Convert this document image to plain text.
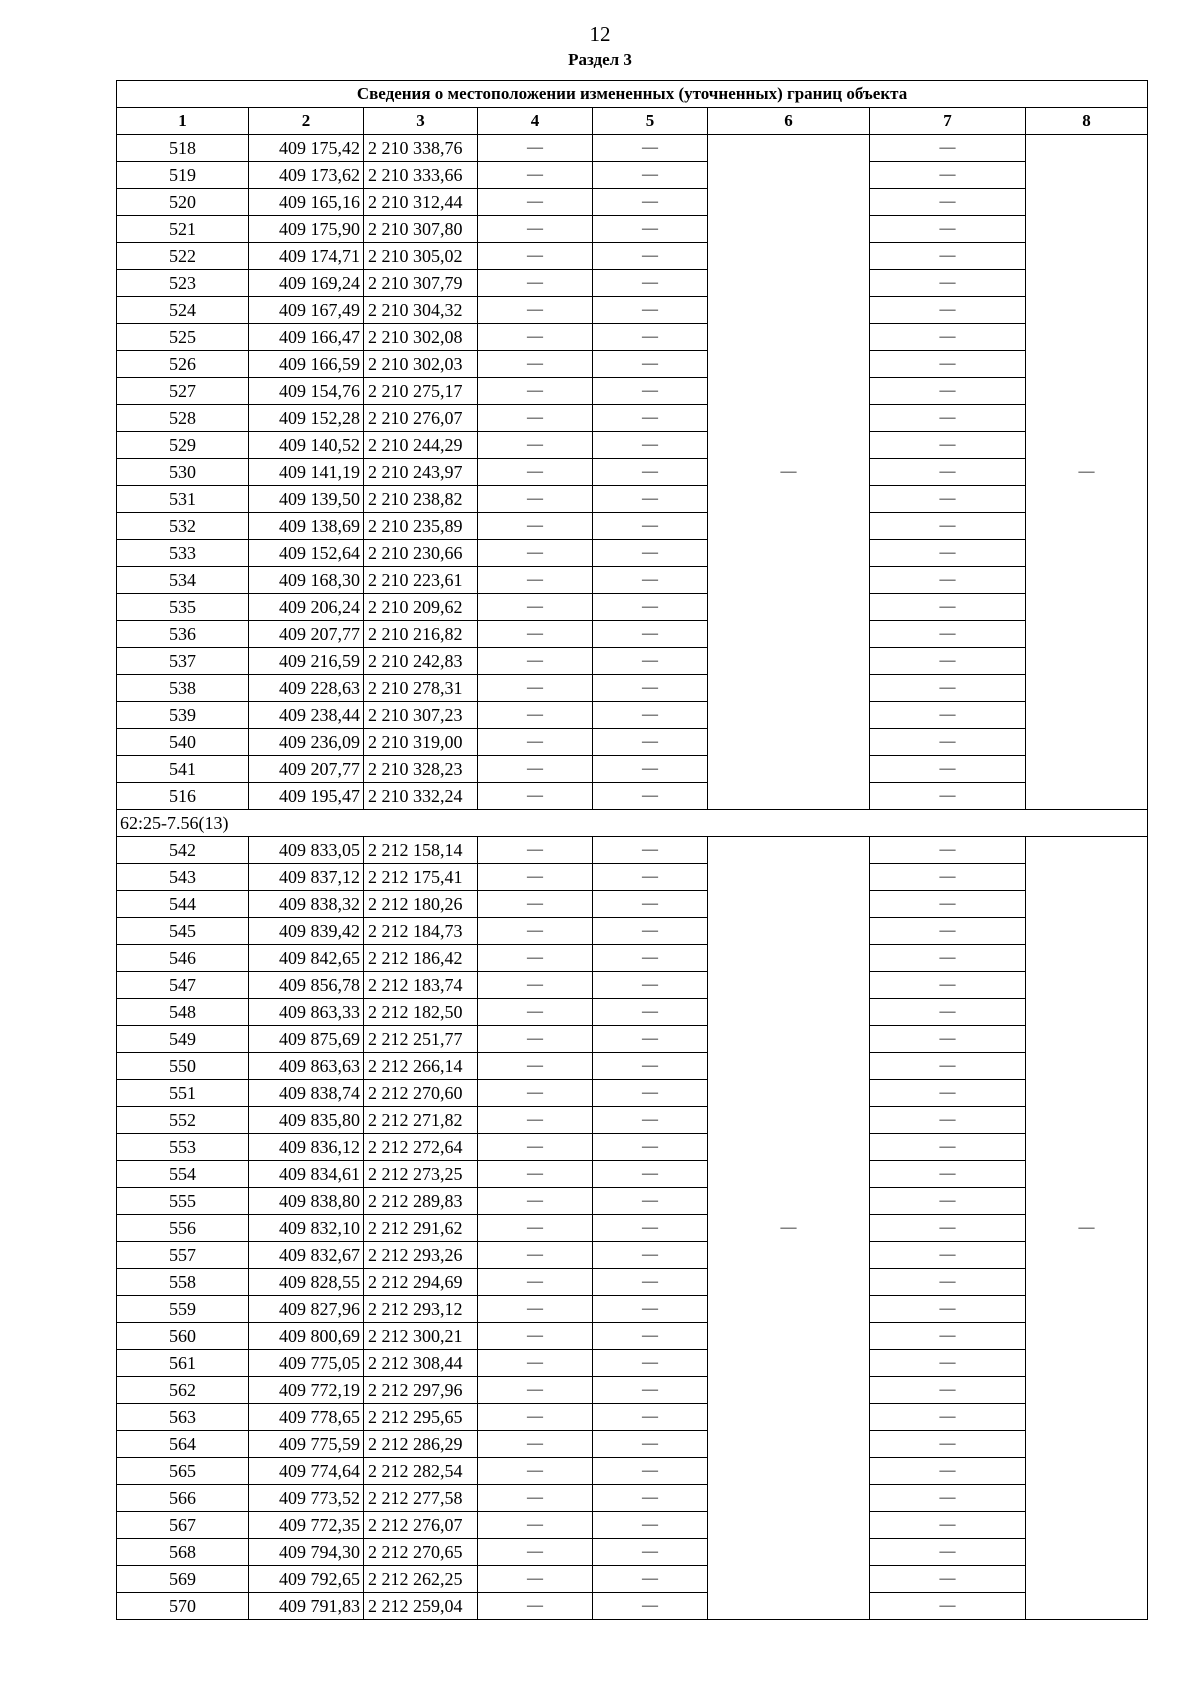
12
Раздел 3
Сведения о местоположении измененных (уточненных) границ объекта							
1	2	3	4	5	6	7	8
518	409 175,42	2 210 338,76	—	—	—	—	—
519	409 173,62	2 210 333,66	—	—		—	
520	409 165,16	2 210 312,44	—	—		—	
521	409 175,90	2 210 307,80	—	—		—	
522	409 174,71	2 210 305,02	—	—		—	
523	409 169,24	2 210 307,79	—	—		—	
524	409 167,49	2 210 304,32	—	—		—	
525	409 166,47	2 210 302,08	—	—		—	
526	409 166,59	2 210 302,03	—	—		—	
527	409 154,76	2 210 275,17	—	—		—	
528	409 152,28	2 210 276,07	—	—		—	
529	409 140,52	2 210 244,29	—	—		—	
530	409 141,19	2 210 243,97	—	—		—	
531	409 139,50	2 210 238,82	—	—		—	
532	409 138,69	2 210 235,89	—	—		—	
533	409 152,64	2 210 230,66	—	—		—	
534	409 168,30	2 210 223,61	—	—		—	
535	409 206,24	2 210 209,62	—	—		—	
536	409 207,77	2 210 216,82	—	—		—	
537	409 216,59	2 210 242,83	—	—		—	
538	409 228,63	2 210 278,31	—	—		—	
539	409 238,44	2 210 307,23	—	—		—	
540	409 236,09	2 210 319,00	—	—		—	
541	409 207,77	2 210 328,23	—	—		—	
516	409 195,47	2 210 332,24	—	—		—	
62:25-7.56(13)							
542	409 833,05	2 212 158,14	—	—	—	—	—
543	409 837,12	2 212 175,41	—	—		—	
544	409 838,32	2 212 180,26	—	—		—	
545	409 839,42	2 212 184,73	—	—		—	
546	409 842,65	2 212 186,42	—	—		—	
547	409 856,78	2 212 183,74	—	—		—	
548	409 863,33	2 212 182,50	—	—		—	
549	409 875,69	2 212 251,77	—	—		—	
550	409 863,63	2 212 266,14	—	—		—	
551	409 838,74	2 212 270,60	—	—		—	
552	409 835,80	2 212 271,82	—	—		—	
553	409 836,12	2 212 272,64	—	—		—	
554	409 834,61	2 212 273,25	—	—		—	
555	409 838,80	2 212 289,83	—	—		—	
556	409 832,10	2 212 291,62	—	—		—	
557	409 832,67	2 212 293,26	—	—		—	
558	409 828,55	2 212 294,69	—	—		—	
559	409 827,96	2 212 293,12	—	—		—	
560	409 800,69	2 212 300,21	—	—		—	
561	409 775,05	2 212 308,44	—	—		—	
562	409 772,19	2 212 297,96	—	—		—	
563	409 778,65	2 212 295,65	—	—		—	
564	409 775,59	2 212 286,29	—	—		—	
565	409 774,64	2 212 282,54	—	—		—	
566	409 773,52	2 212 277,58	—	—		—	
567	409 772,35	2 212 276,07	—	—		—	
568	409 794,30	2 212 270,65	—	—		—	
569	409 792,65	2 212 262,25	—	—		—	
570	409 791,83	2 212 259,04	—	—		—	
